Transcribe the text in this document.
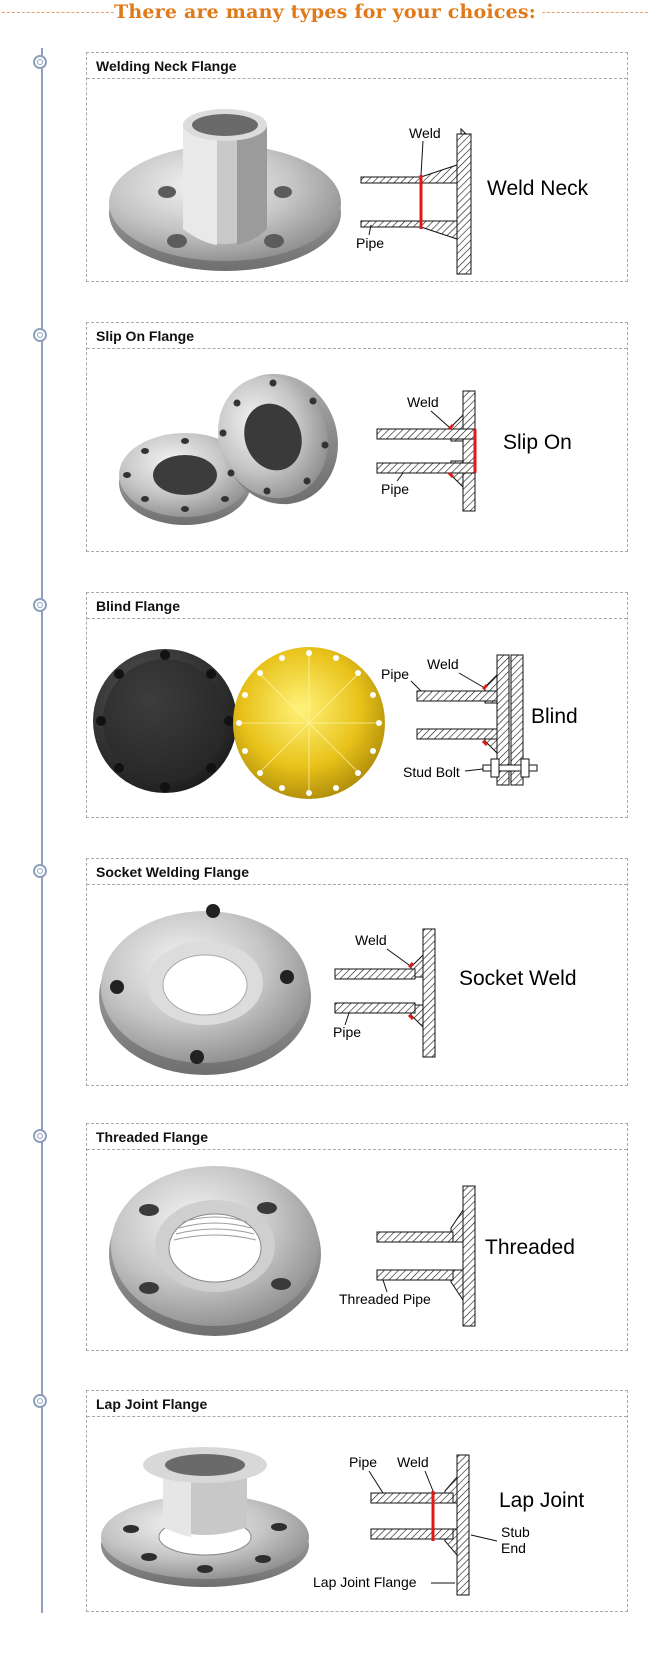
There are many types for your choices:
Welding Neck Flange
Weld
Pipe
Weld Neck
Slip On Flange
Weld
Pipe
Slip On
Blind Flange
Weld
Pipe
Stud Bolt
Blind
Socket Welding Flange
Weld
Pipe
Socket Weld
Threaded Flange
Threaded Pipe
Threaded
Lap Joint Flange
Pipe Weld
Lap Joint
Stub
End
Lap Joint Flange
